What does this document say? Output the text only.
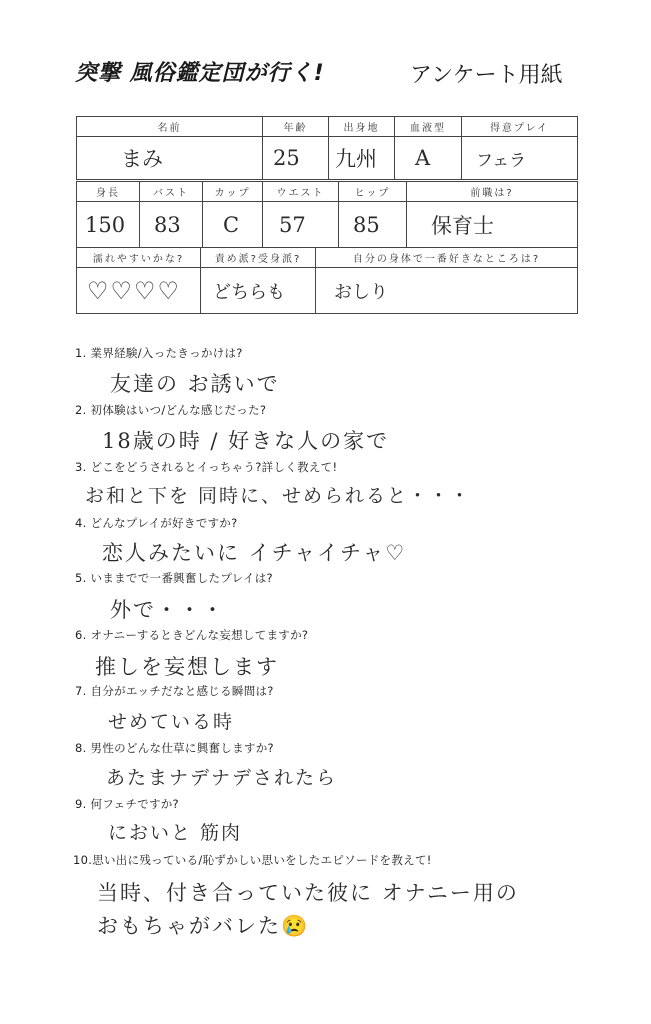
突撃 風俗鑑定団が行く!	アンケート用紙
名前	年齢	出身地	血液型	得意プレイ
まみ	25	九州	A	フェラ
身長	バスト	カップ	ウエスト	ヒップ	前職は?
150	83	C	57	85	保育士
濡れやすいかな?	責め派?受身派?	自分の身体で一番好きなところは?
♡♡♡♡	どちらも	おしり
1. 業界経験/入ったきっかけは?
友達の お誘いで
2. 初体験はいつ/どんな感じだった?
18歳の時 / 好きな人の家で
3. どこをどうされるとイっちゃう?詳しく教えて!
お和と下を 同時に、せめられると・・・
4. どんなプレイが好きですか?
恋人みたいに イチャイチャ♡
5. いままでで一番興奮したプレイは?
外で・・・
6. オナニーするときどんな妄想してますか?
推しを妄想します
7. 自分がエッチだなと感じる瞬間は?
せめている時
8. 男性のどんな仕草に興奮しますか?
あたまナデナデされたら
9. 何フェチですか?
においと 筋肉
10.思い出に残っている/恥ずかしい思いをしたエピソードを教えて!
当時、付き合っていた彼に オナニー用の
おもちゃがバレた😢
